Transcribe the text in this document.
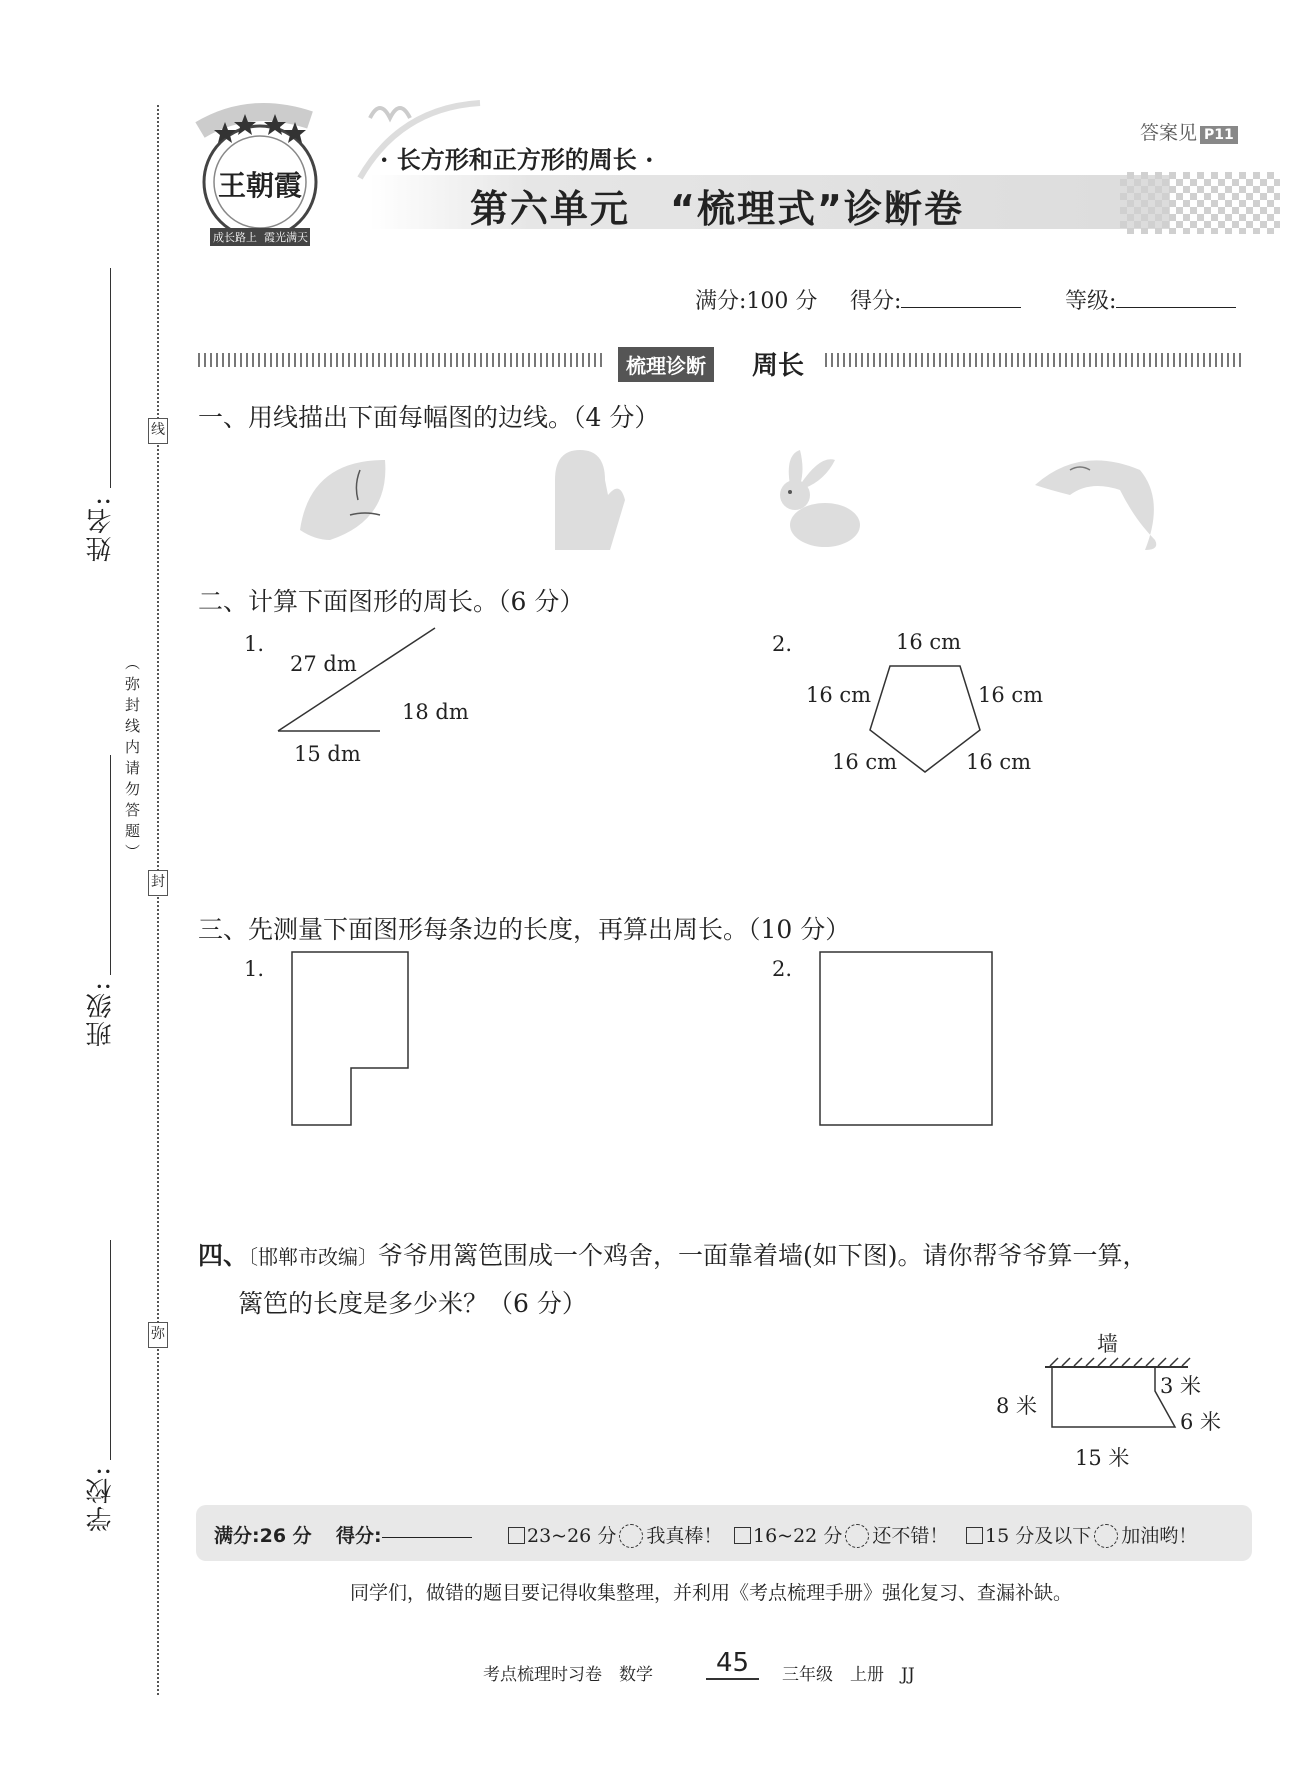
姓名:
班级:
学校:
线
封
弥
（弥封线内请勿答题）
王朝霞
成长路上 霞光满天
答案见 P11
· 长方形和正方形的周长 ·
第六单元　“梳理式”诊断卷
满分:100 分 得分:	等级:
梳理诊断	周长
一、用线描出下面每幅图的边线。（4 分）
二、计算下面图形的周长。（6 分）
1.
27 dm
18 dm
15 dm
2.	16 cm
16 cm	16 cm
16 cm	16 cm
三、先测量下面图形每条边的长度，再算出周长。（10 分）
1.	2.
四、〔邯郸市改编〕爷爷用篱笆围成一个鸡舍，一面靠着墙(如下图)。请你帮爷爷算一算，
篱笆的长度是多少米？（6 分）
墙
8 米
3 米
6 米
15 米
满分:26 分 得分:	23~26 分 我真棒！	16~22 分 还不错！	15 分及以下 加油哟！
同学们，做错的题目要记得收集整理，并利用《考点梳理手册》强化复习、查漏补缺。
考点梳理时习卷　数学	45	三年级　上册　JJ
